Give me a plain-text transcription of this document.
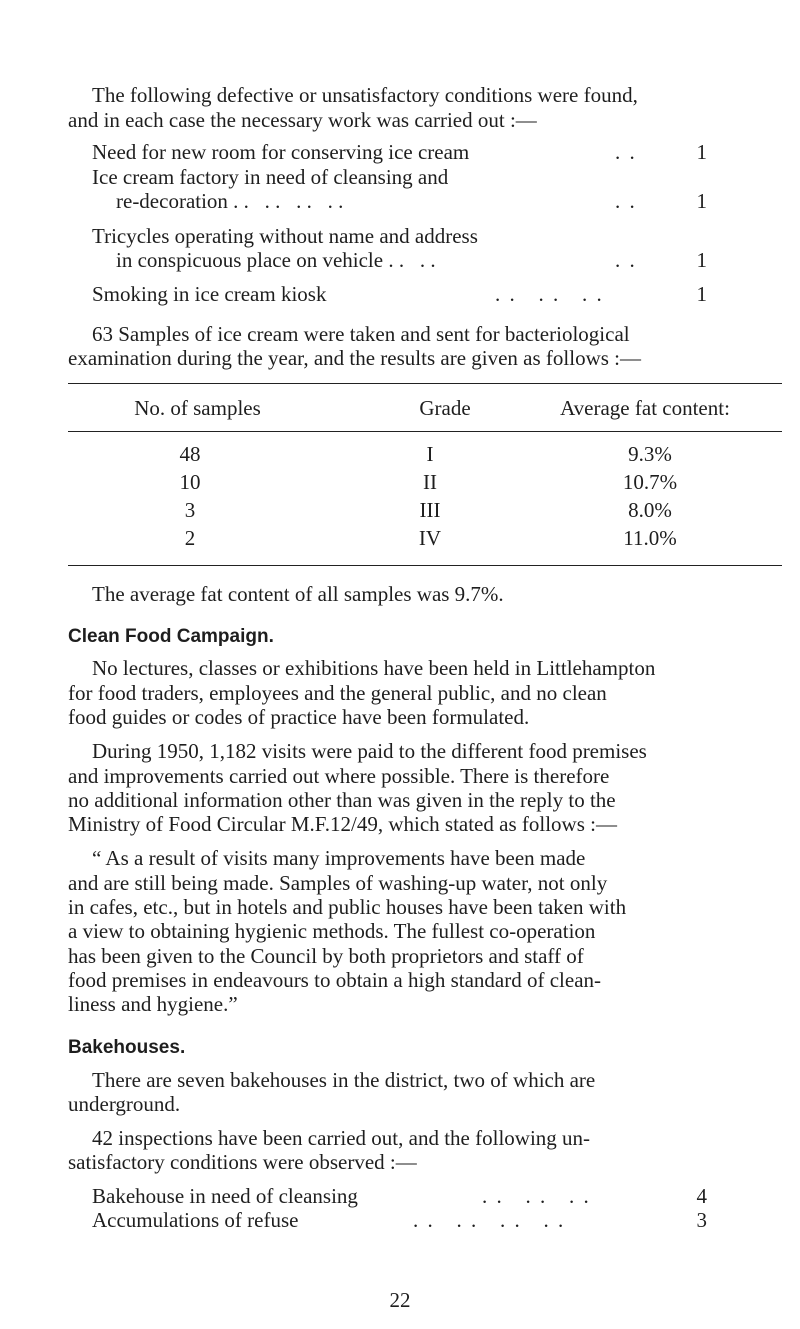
The following defective or unsatisfactory conditions were found,
and in each case the necessary work was carried out :—
Need for new room for conserving ice cream	. .	1
Ice cream factory in need of cleansing and
re-decoration . .   . .   . .   . .	. .	1
Tricycles operating without name and address
in conspicuous place on vehicle . .   . .	. .	1
Smoking in ice cream kiosk	. .   . .   . .	1
63 Samples of ice cream were taken and sent for bacteriological
examination during the year, and the results are given as follows :—
No. of samples	Grade	Average fat content:
48	I	9.3%
10	II	10.7%
3	III	8.0%
2	IV	11.0%
The average fat content of all samples was 9.7%.
Clean Food Campaign.
No lectures, classes or exhibitions have been held in Littlehampton
for food traders, employees and the general public, and no clean
food guides or codes of practice have been formulated.
During 1950, 1,182 visits were paid to the different food premises
and improvements carried out where possible. There is therefore
no additional information other than was given in the reply to the
Ministry of Food Circular M.F.12/49, which stated as follows :—
“ As a result of visits many improvements have been made
and are still being made. Samples of washing-up water, not only
in cafes, etc., but in hotels and public houses have been taken with
a view to obtaining hygienic methods. The fullest co-operation
has been given to the Council by both proprietors and staff of
food premises in endeavours to obtain a high standard of clean-
liness and hygiene.”
Bakehouses.
There are seven bakehouses in the district, two of which are
underground.
42 inspections have been carried out, and the following un-
satisfactory conditions were observed :—
Bakehouse in need of cleansing	. .   . .   . .	4
Accumulations of refuse	. .   . .   . .   . .	3
22
